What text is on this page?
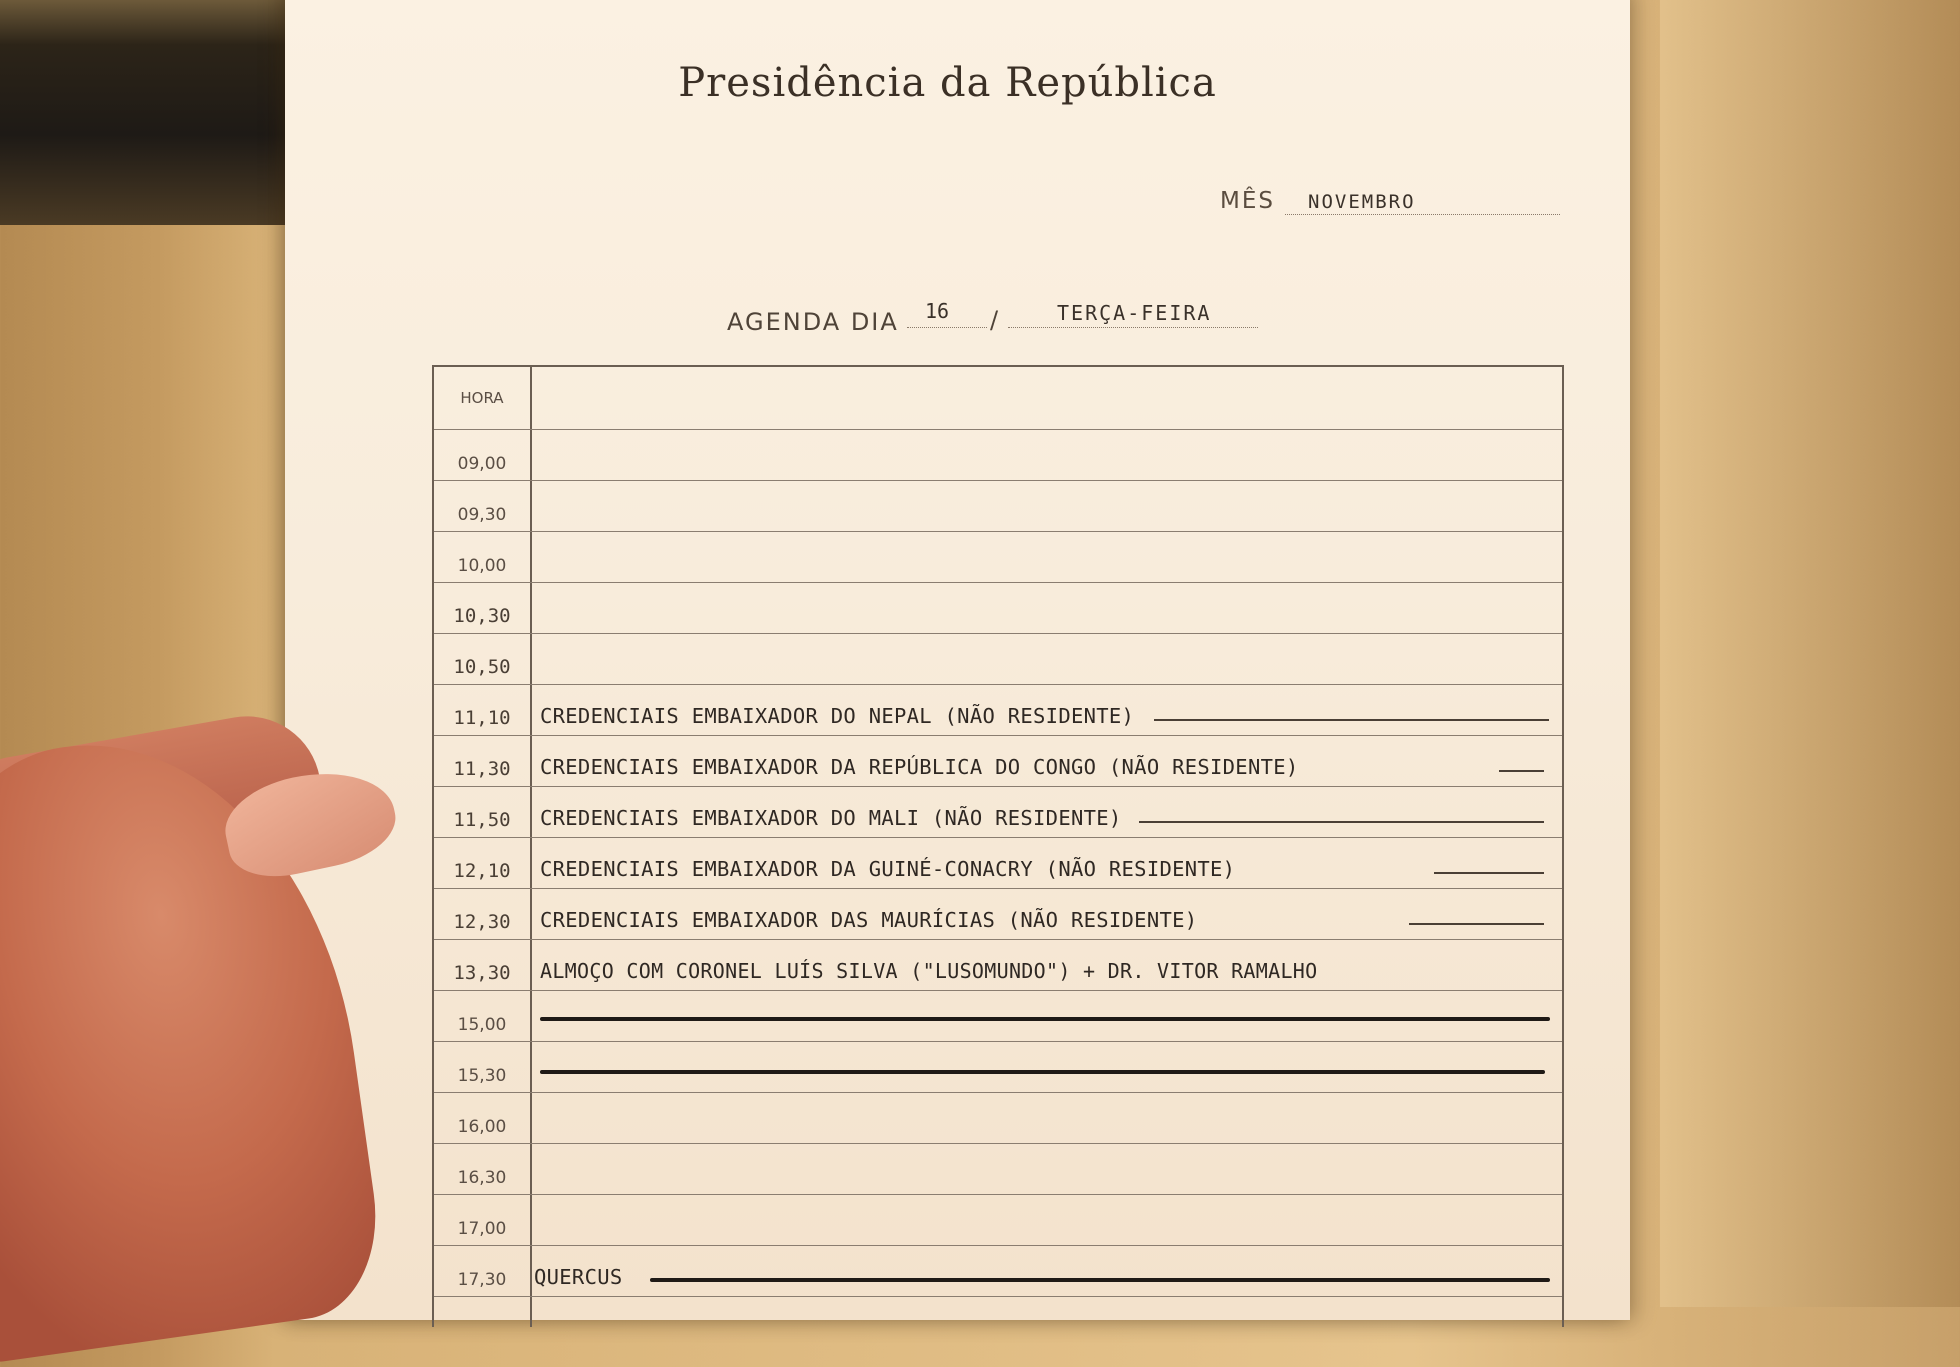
Presidência da República
MÊS NOVEMBRO
AGENDA DIA 16 /	TERÇA-FEIRA
HORA
09,00
09,30
10,00
10,30
10,50
11,10	CREDENCIAIS EMBAIXADOR DO NEPAL (NÃO RESIDENTE)
11,30	CREDENCIAIS EMBAIXADOR DA REPÚBLICA DO CONGO (NÃO RESIDENTE)
11,50	CREDENCIAIS EMBAIXADOR DO MALI (NÃO RESIDENTE)
12,10	CREDENCIAIS EMBAIXADOR DA GUINÉ-CONACRY (NÃO RESIDENTE)
12,30	CREDENCIAIS EMBAIXADOR DAS MAURÍCIAS (NÃO RESIDENTE)
13,30	ALMOÇO COM CORONEL LUÍS SILVA ("LUSOMUNDO") + DR. VITOR RAMALHO
15,00
15,30
16,00
16,30
17,00
17,30	QUERCUS
